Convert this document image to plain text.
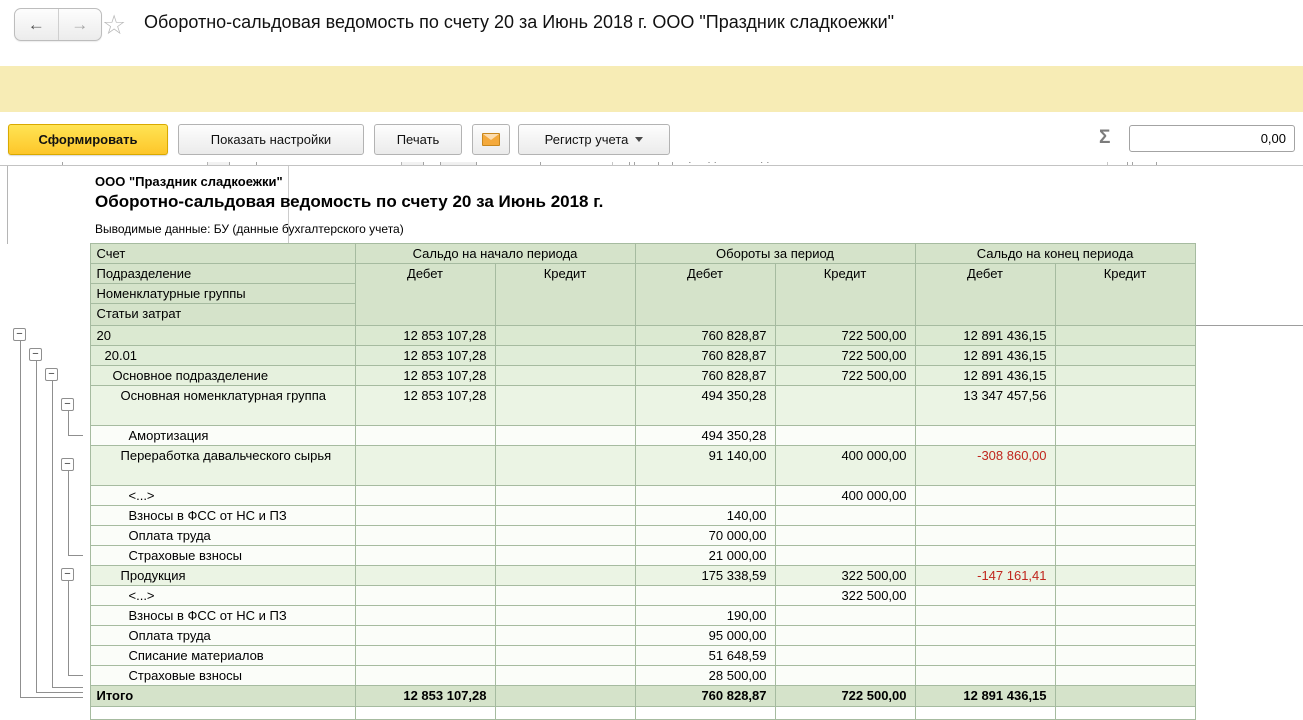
←	→ ☆ Оборотно-сальдовая ведомость по счету 20 за Июнь 2018 г. ООО "Праздник сладкоежки"
01.06.2018
30.06.2018
20
Праздник сладкоежки ООО
Сформировать	Показать настройки	Печать	Регистр учета	Σ
0,00
ООО "Праздник сладкоежки"
Оборотно-сальдовая ведомость по счету 20 за Июнь 2018 г.
Выводимые данные: БУ (данные бухгалтерского учета)
	Счет	Сальдо на начало периода		Обороты за период		Сальдо на конец периода	
	Подразделение	Дебет	Кредит	Дебет	Кредит	Дебет	Кредит
	Номенклатурные группы						
	Статьи затрат						
	20	12 853 107,28		760 828,87	722 500,00	12 891 436,15	
	20.01	12 853 107,28		760 828,87	722 500,00	12 891 436,15	
	Основное подразделение	12 853 107,28		760 828,87	722 500,00	12 891 436,15	
	Основная номенклатурная группа	12 853 107,28		494 350,28		13 347 457,56	
	Амортизация			494 350,28			
	Переработка давальческого сырья			91 140,00	400 000,00	-308 860,00	
	<...>				400 000,00		
	Взносы в ФСС от НС и ПЗ			140,00			
	Оплата труда			70 000,00			
	Страховые взносы			21 000,00			
	Продукция			175 338,59	322 500,00	-147 161,41	
	<...>				322 500,00		
	Взносы в ФСС от НС и ПЗ			190,00			
	Оплата труда			95 000,00			
	Списание материалов			51 648,59			
	Страховые взносы			28 500,00			
	Итого	12 853 107,28		760 828,87	722 500,00	12 891 436,15	

−
−
−
−
−
−
